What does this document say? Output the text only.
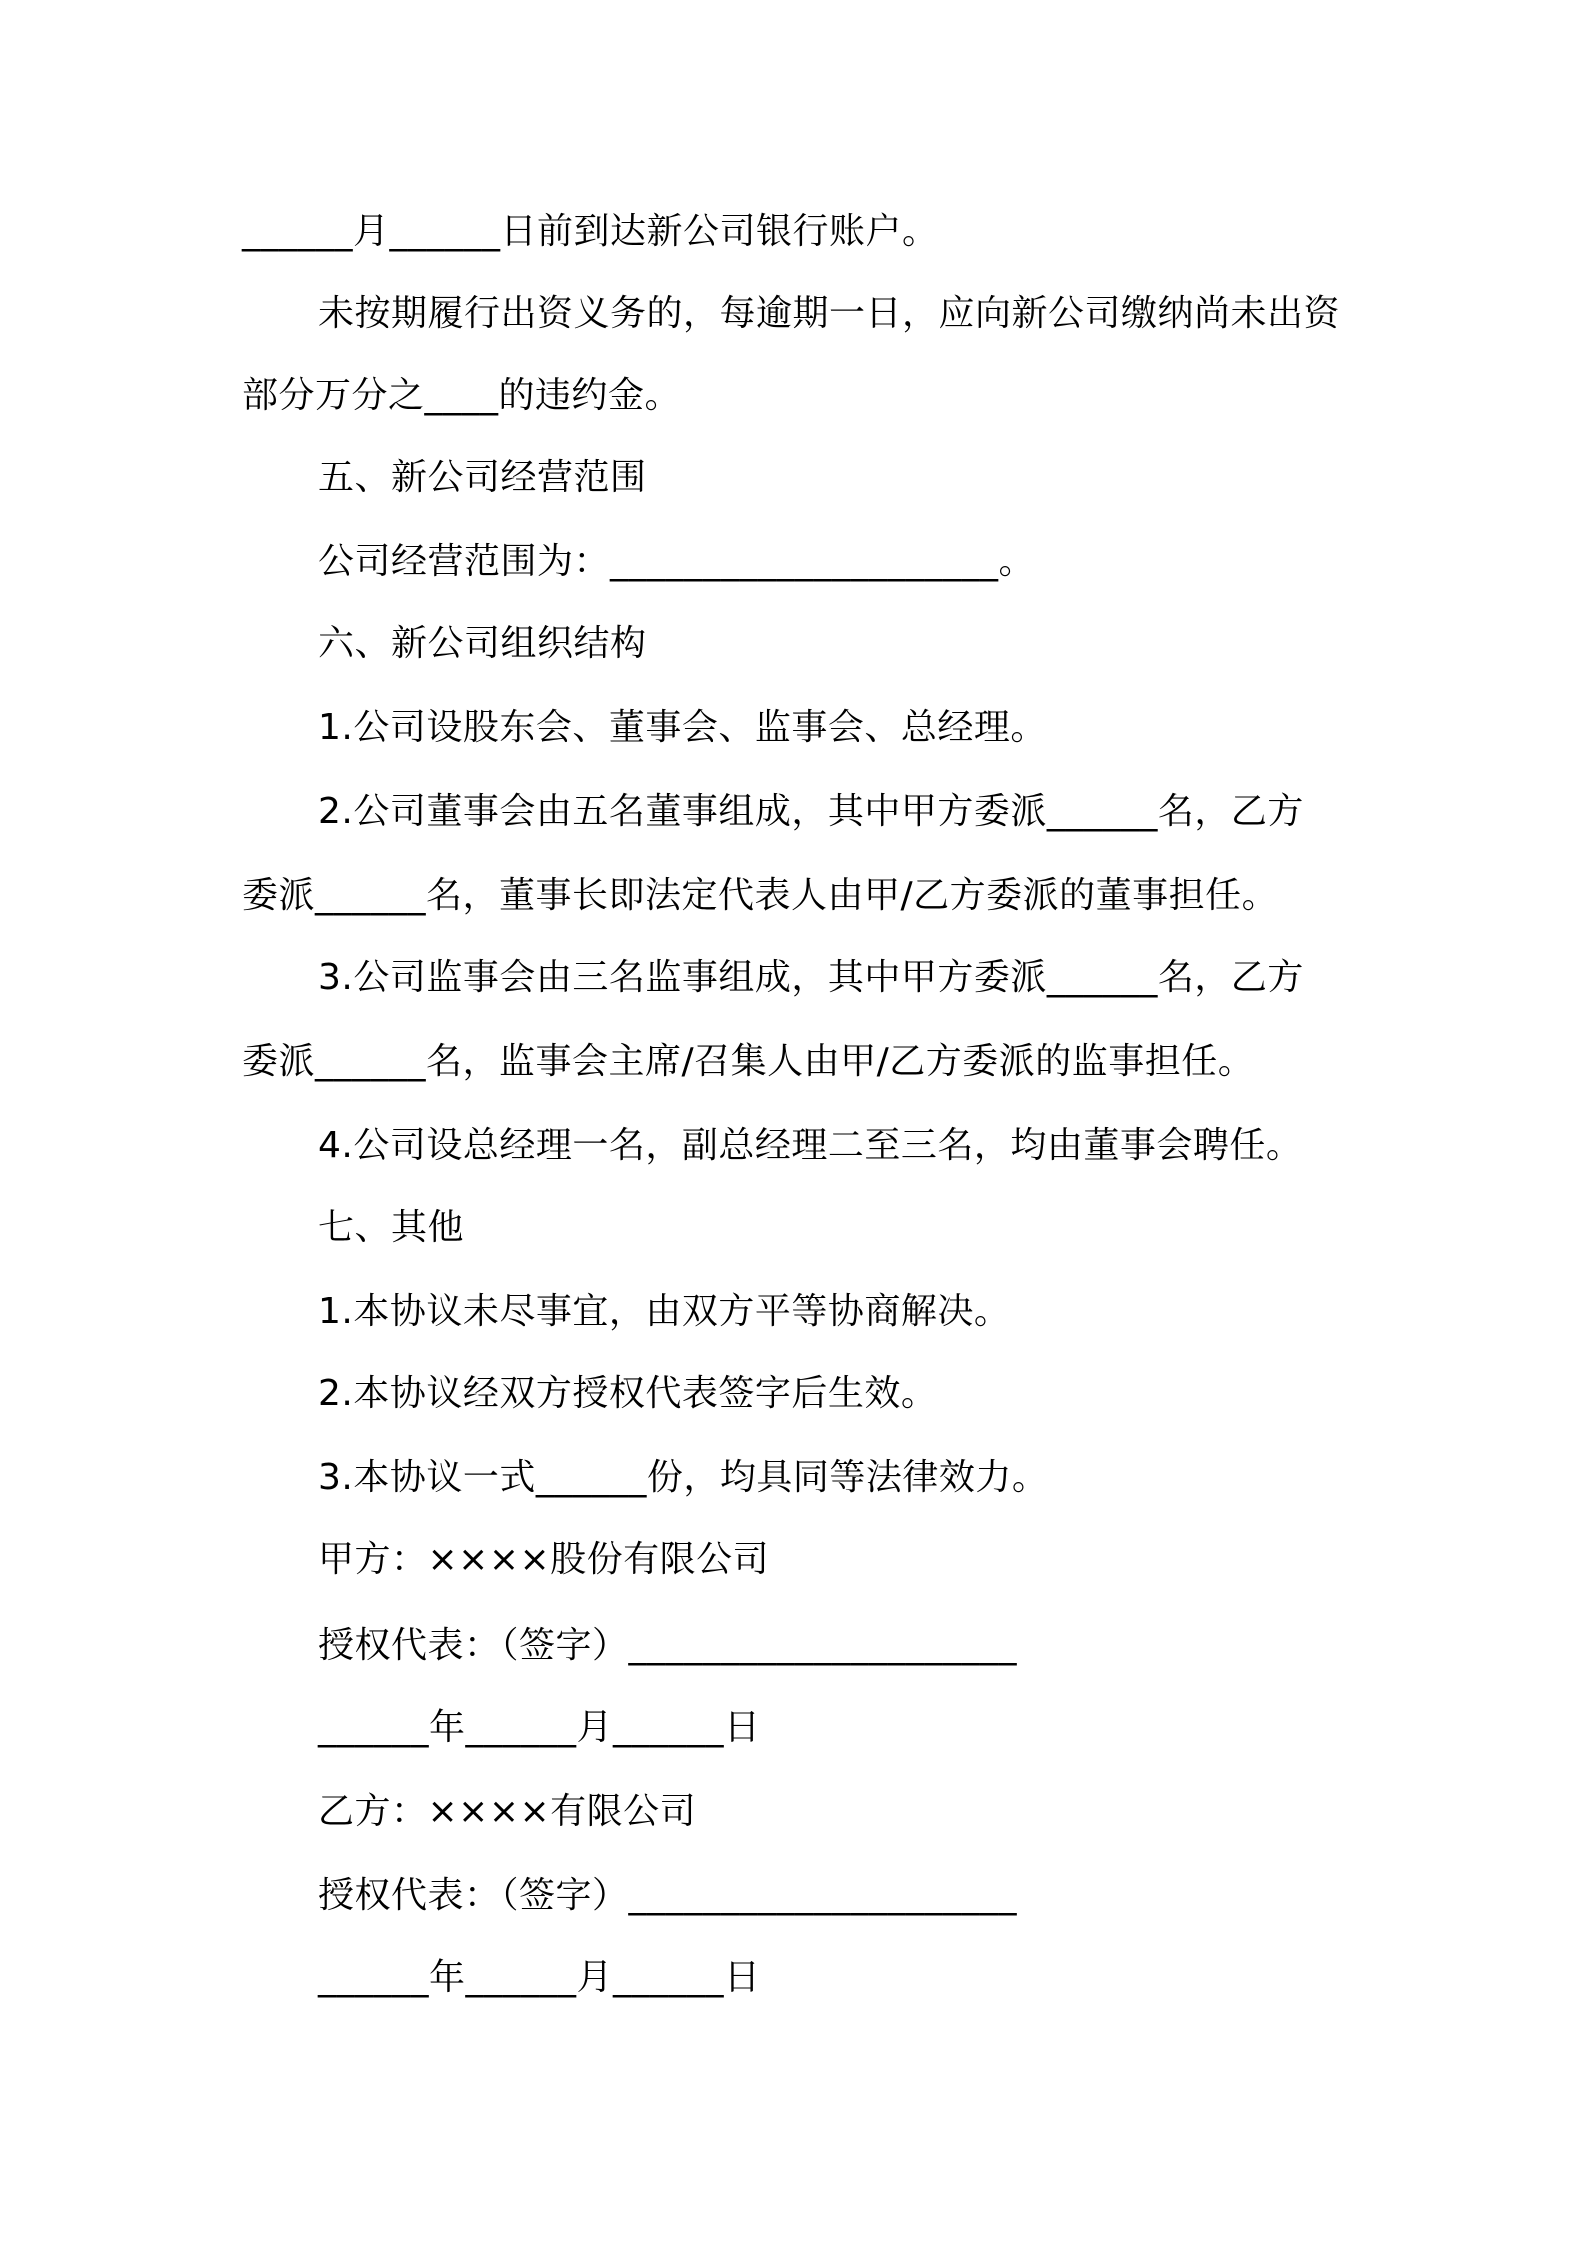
______月______日前到达新公司银行账户。
未按期履行出资义务的，每逾期一日，应向新公司缴纳尚未出资
部分万分之____的违约金。
五、新公司经营范围
公司经营范围为：_____________________。
六、新公司组织结构
1.公司设股东会、董事会、监事会、总经理。
2.公司董事会由五名董事组成，其中甲方委派______名，乙方
委派______名，董事长即法定代表人由甲/乙方委派的董事担任。
3.公司监事会由三名监事组成，其中甲方委派______名，乙方
委派______名，监事会主席/召集人由甲/乙方委派的监事担任。
4.公司设总经理一名，副总经理二至三名，均由董事会聘任。
七、其他
1.本协议未尽事宜，由双方平等协商解决。
2.本协议经双方授权代表签字后生效。
3.本协议一式______份，均具同等法律效力。
甲方：××××股份有限公司
授权代表：（签字）_____________________
______年______月______日
乙方：××××有限公司
授权代表：（签字）_____________________
______年______月______日
